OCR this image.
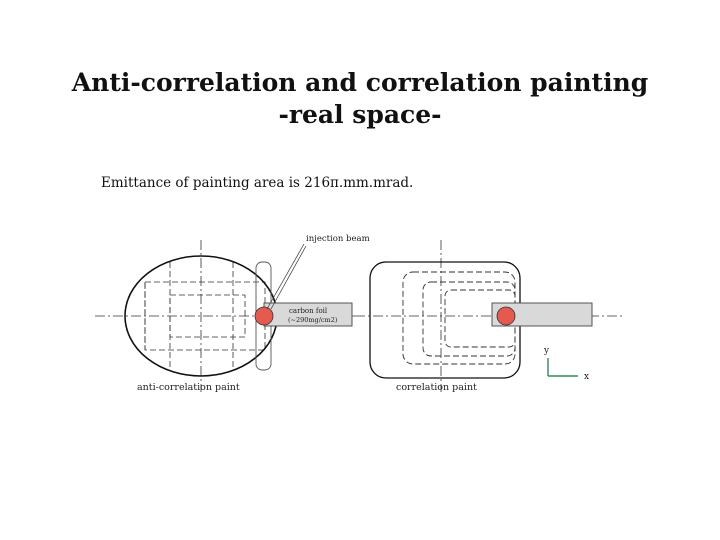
Anti-correlation and correlation painting
-real space-
Emittance of painting area is 216π.mm.mrad.
carbon foil
(~290mg/cm2)
injection beam
anti-correlation paint	correlation paint
y
x
